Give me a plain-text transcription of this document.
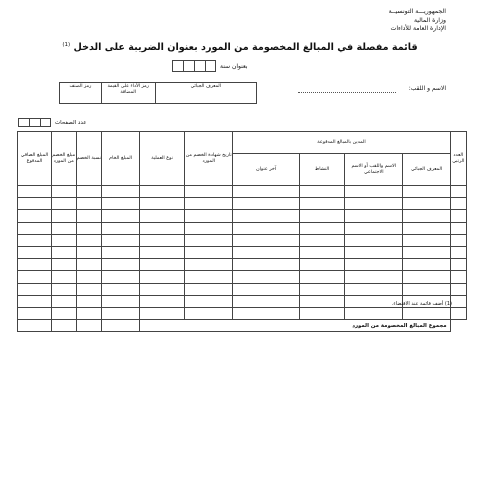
الجمهوريـــة التونسيــة
وزارة المالية
الإدارة العامة للأداءات
قائمة مفصلة في المبالغ المخصومة من المورد بعنوان الضريبة على الدخل $^{(1)}$
بعنوان سنة
الاسم و اللقب:
المعرف الجبائي	رمز الأداء على القيمة المضافة	رمز الصنف
عدد الصفحات
العدد الرتبي	المدين بالمبالغ المدفوعة				تاريخ شهادة الخصم من المورد	نوع العملية	المبلغ الخام	نسبة الخصم	مبلغ الخصم من المورد	المبلغ الصافي المدفوع
	المعرف الجبائي	الاسم واللقب أو الاسم الاجتماعي	النشاط	آخر عنوان						

	مجموع المبالغ المخصومة من المورد									
(1) أضف قائمة عند الاقتضاء.
